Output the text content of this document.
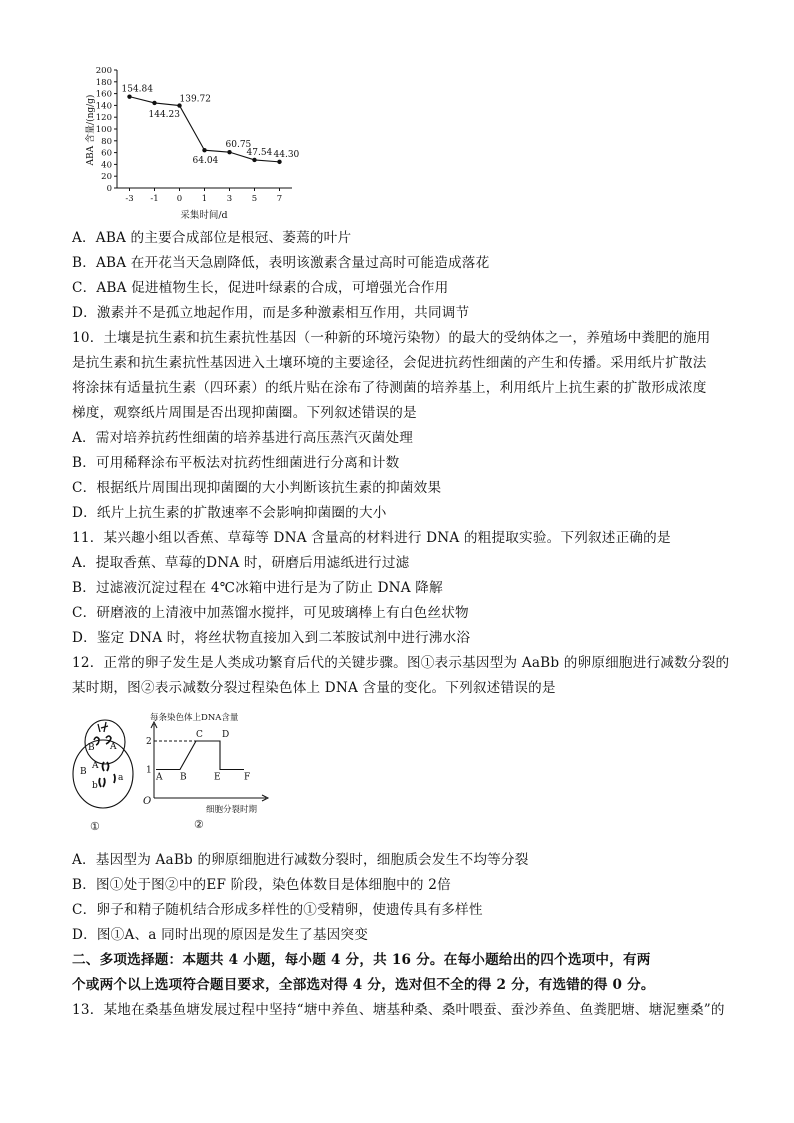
ABA 含量/(ng/g)
0
20
40
60
80
100
120
140
160
180
200
-3 -1 0 1 3 5 7
154.84
144.23
139.72
64.04
60.75
47.54 44.30
采集时间/d
A．ABA 的主要合成部位是根冠、萎蔫的叶片
B．ABA 在开花当天急剧降低，表明该激素含量过高时可能造成落花
C．ABA 促进植物生长，促进叶绿素的合成，可增强光合作用
D．激素并不是孤立地起作用，而是多种激素相互作用，共同调节
10．土壤是抗生素和抗生素抗性基因（一种新的环境污染物）的最大的受纳体之一，养殖场中粪肥的施用
是抗生素和抗生素抗性基因进入土壤环境的主要途径，会促进抗药性细菌的产生和传播。采用纸片扩散法
将涂抹有适量抗生素（四环素）的纸片贴在涂布了待测菌的培养基上，利用纸片上抗生素的扩散形成浓度
梯度，观察纸片周围是否出现抑菌圈。下列叙述错误的是
A．需对培养抗药性细菌的培养基进行高压蒸汽灭菌处理
B．可用稀释涂布平板法对抗药性细菌进行分离和计数
C．根据纸片周围出现抑菌圈的大小判断该抗生素的抑菌效果
D．纸片上抗生素的扩散速率不会影响抑菌圈的大小
11．某兴趣小组以香蕉、草莓等 DNA 含量高的材料进行 DNA 的粗提取实验。下列叙述正确的是
A．提取香蕉、草莓的DNA 时，研磨后用滤纸进行过滤
B．过滤液沉淀过程在 4℃冰箱中进行是为了防止 DNA 降解
C．研磨液的上清液中加蒸馏水搅拌，可见玻璃棒上有白色丝状物
D．鉴定 DNA 时，将丝状物直接加入到二苯胺试剂中进行沸水浴
12．正常的卵子发生是人类成功繁育后代的关键步骤。图①表示基因型为 AaBb 的卵原细胞进行减数分裂的
某时期，图②表示减数分裂过程染色体上 DNA 含量的变化。下列叙述错误的是
B A
B
A
b
a
①
每条染色体上DNA含量
O
1
2
A B
C D
E	F
细胞分裂时期
②
A．基因型为 AaBb 的卵原细胞进行减数分裂时，细胞质会发生不均等分裂
B．图①处于图②中的EF 阶段，染色体数目是体细胞中的 2倍
C．卵子和精子随机结合形成多样性的①受精卵，使遗传具有多样性
D．图①A、a 同时出现的原因是发生了基因突变
二、多项选择题：本题共 4 小题，每小题 4 分，共 16 分。在每小题给出的四个选项中，有两
个或两个以上选项符合题目要求，全部选对得 4 分，选对但不全的得 2 分，有选错的得 0 分。
13．某地在桑基鱼塘发展过程中坚持“塘中养鱼、塘基种桑、桑叶喂蚕、蚕沙养鱼、鱼粪肥塘、塘泥壅桑”的
